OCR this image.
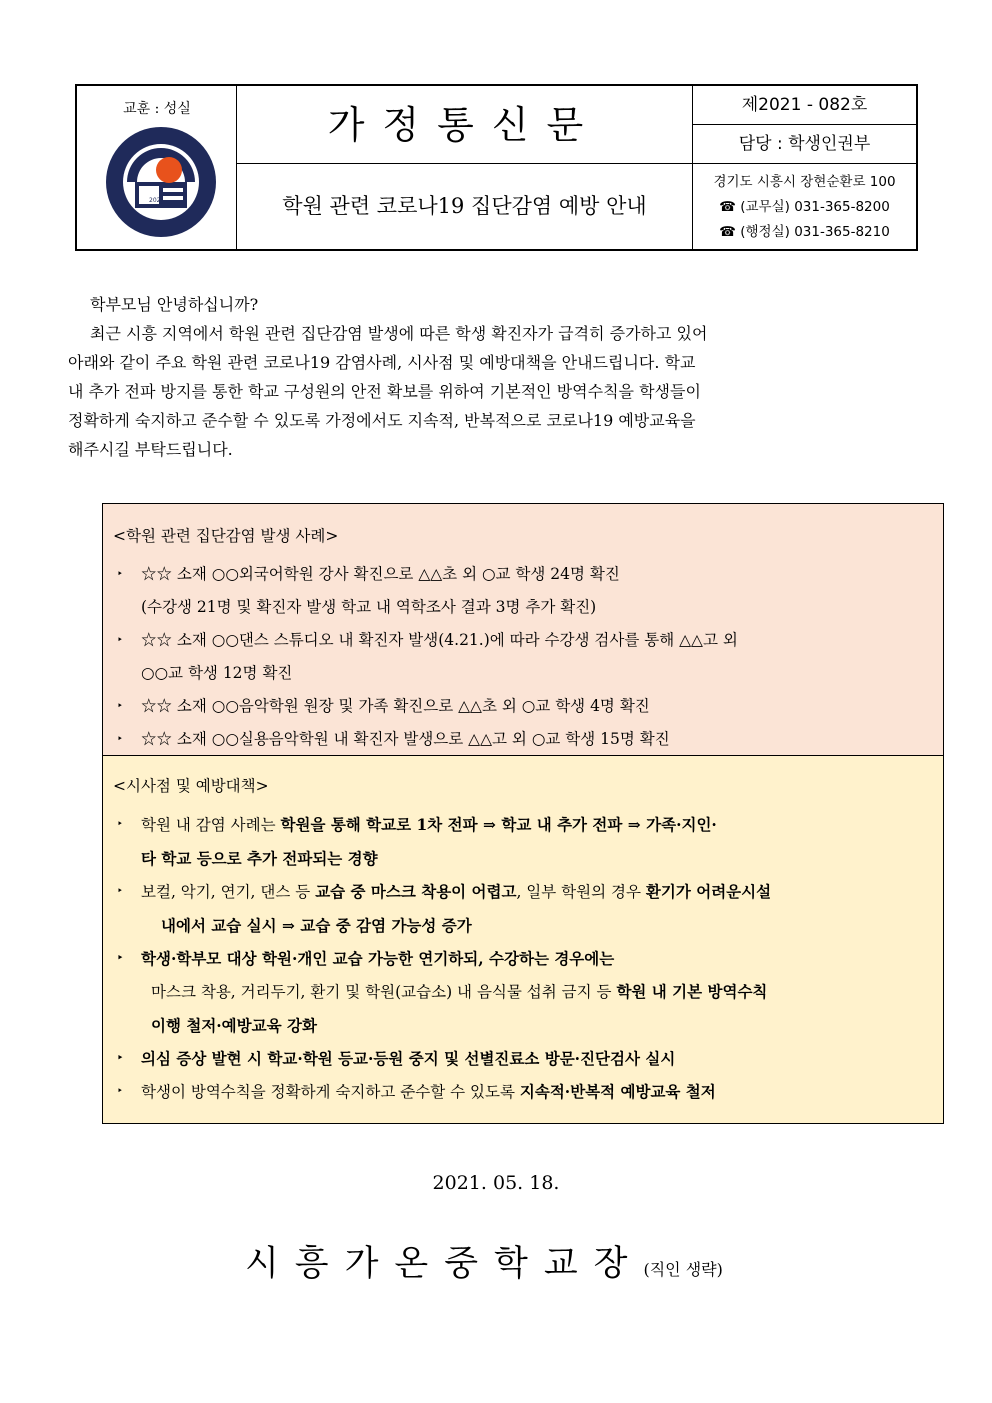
교훈 : 성실
2021
가정통신문
학원 관련 코로나19 집단감염 예방 안내
제2021 - 082호
담당 : 학생인권부
경기도 시흥시 장현순환로 100
☎ (교무실) 031-365-8200
☎ (행정실) 031-365-8210

학부모님 안녕하십니까?

최근 시흥 지역에서 학원 관련 집단감염 발생에 따른 학생 확진자가 급격히 증가하고 있어

아래와 같이 주요 학원 관련 코로나19 감염사례, 시사점 및 예방대책을 안내드립니다. 학교

내 추가 전파 방지를 통한 학교 구성원의 안전 확보를 위하여 기본적인 방역수칙을 학생들이

정확하게 숙지하고 준수할 수 있도록 가정에서도 지속적, 반복적으로 코로나19 예방교육을

해주시길 부탁드립니다.

<학원 관련 집단감염 발생 사례>
‣ ☆☆ 소재 ○○외국어학원 강사 확진으로 △△초 외 ○교 학생 24명 확진
(수강생 21명 및 확진자 발생 학교 내 역학조사 결과 3명 추가 확진)
‣ ☆☆ 소재 ○○댄스 스튜디오 내 확진자 발생(4.21.)에 따라 수강생 검사를 통해 △△고 외
○○교 학생 12명 확진
‣ ☆☆ 소재 ○○음악학원 원장 및 가족 확진으로 △△초 외 ○교 학생 4명 확진
‣ ☆☆ 소재 ○○실용음악학원 내 확진자 발생으로 △△고 외 ○교 학생 15명 확진
<시사점 및 예방대책>
‣ 학원 내 감염 사례는 학원을 통해 학교로 1차 전파 ⇒ 학교 내 추가 전파 ⇒ 가족·지인·
타 학교 등으로 추가 전파되는 경향
‣ 보컬, 악기, 연기, 댄스 등 교습 중 마스크 착용이 어렵고, 일부 학원의 경우 환기가 어려운시설
내에서 교습 실시 ⇒ 교습 중 감염 가능성 증가
‣ 학생·학부모 대상 학원·개인 교습 가능한 연기하되, 수강하는 경우에는
마스크 착용, 거리두기, 환기 및 학원(교습소) 내 음식물 섭취 금지 등 학원 내 기본 방역수칙
이행 철저·예방교육 강화
‣ 의심 증상 발현 시 학교·학원 등교·등원 중지 및 선별진료소 방문·진단검사 실시
‣ 학생이 방역수칙을 정확하게 숙지하고 준수할 수 있도록 지속적·반복적 예방교육 철저
2021. 05. 18.
시흥가온중학교장(직인 생략)
